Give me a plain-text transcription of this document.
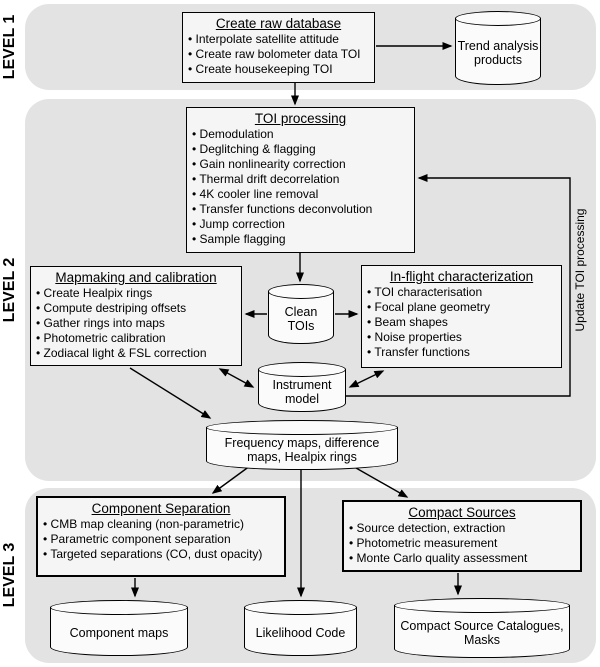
LEVEL 1
LEVEL 2
LEVEL 3
Update TOI processing
Create raw database
• Interpolate satellite attitude
• Create raw bolometer data TOI
• Create housekeeping TOI
Trend analysis products
TOI processing
• Demodulation
• Deglitching & flagging
• Gain nonlinearity correction
• Thermal drift decorrelation
• 4K cooler line removal
• Transfer functions deconvolution
• Jump correction
• Sample flagging
Mapmaking and calibration
• Create Healpix rings
• Compute destriping offsets
• Gather rings into maps
• Photometric calibration
• Zodiacal light & FSL correction
In-flight characterization
• TOI characterisation
• Focal plane geometry
• Beam shapes
• Noise properties
• Transfer functions
Clean TOIs
Instrument model
Frequency maps, difference maps, Healpix rings
Component Separation
• CMB map cleaning (non-parametric)
• Parametric component separation
• Targeted separations (CO, dust opacity)
Compact Sources
• Source detection, extraction
• Photometric measurement
• Monte Carlo quality assessment
Component maps	Likelihood Code	Compact Source Catalogues, Masks
